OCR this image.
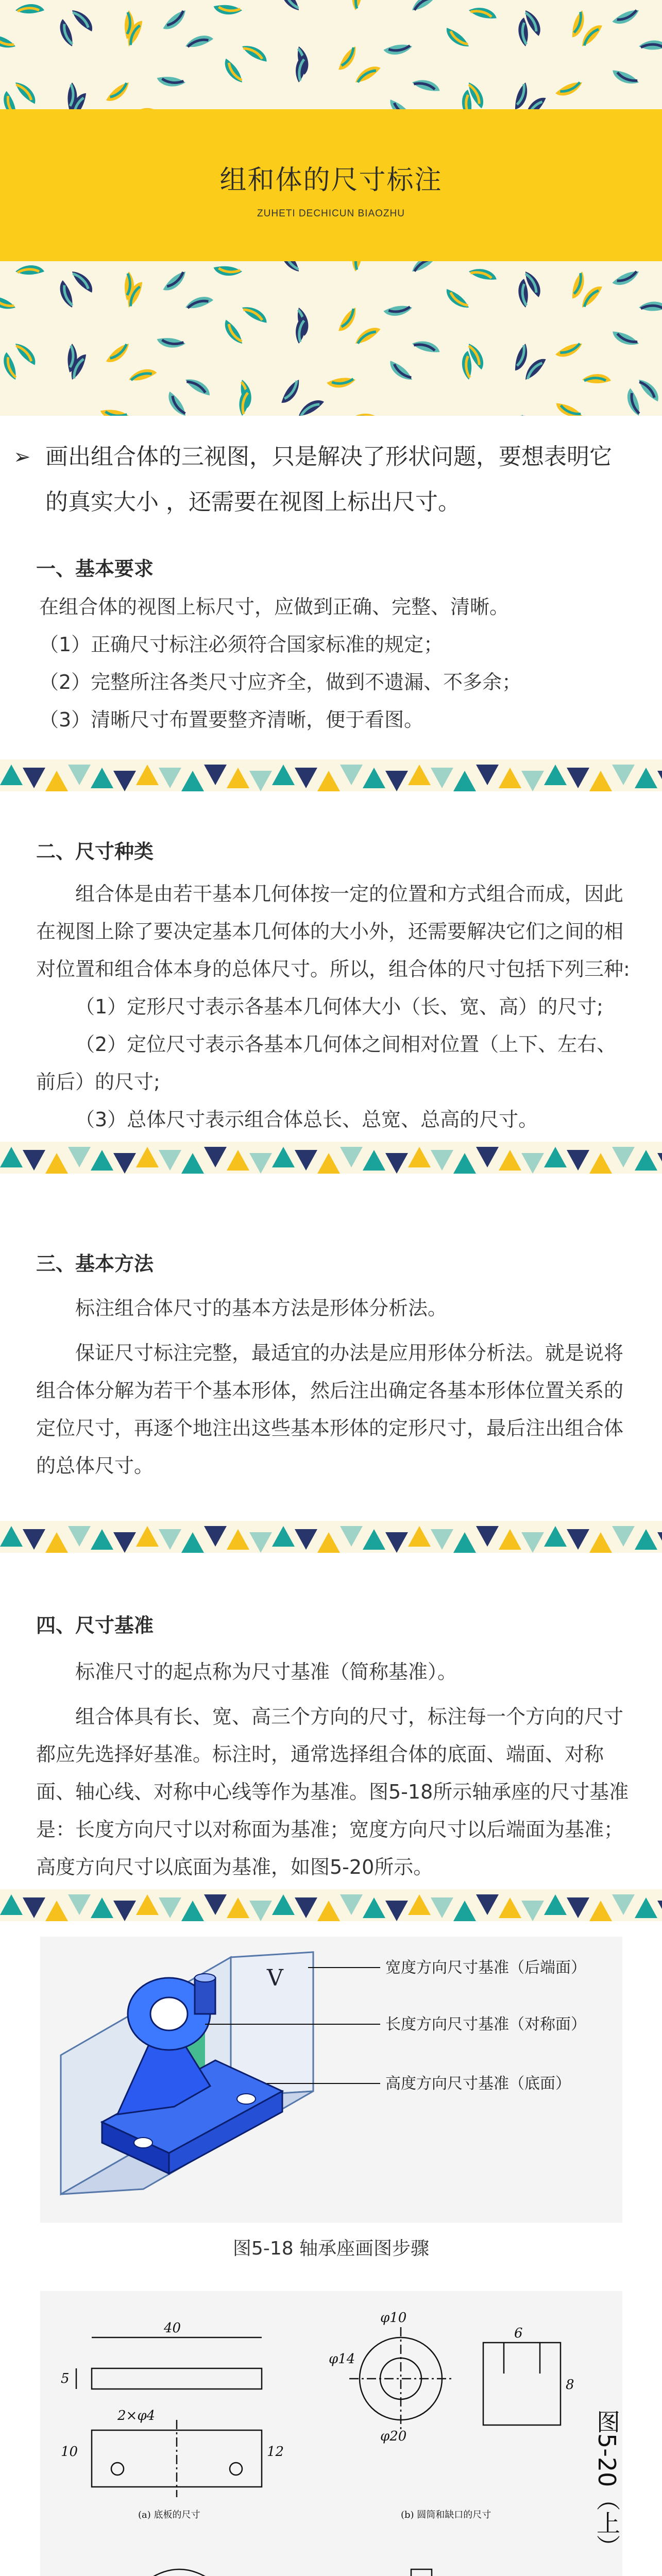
组和体的尺寸标注
ZUHETI DECHICUN BIAOZHU
➢ 画出组合体的三视图，只是解决了形状问题，要想表明它的真实大小 ，还需要在视图上标出尺寸。
一、基本要求

在组合体的视图上标尺寸，应做到正确、完整、清晰。

（1）正确尺寸标注必须符合国家标准的规定；

（2）完整所注各类尺寸应齐全，做到不遗漏、不多余；

（3）清晰尺寸布置要整齐清晰，便于看图。

二、尺寸种类

组合体是由若干基本几何体按一定的位置和方式组合而成，因此在视图上除了要决定基本几何体的大小外，还需要解决它们之间的相对位置和组合体本身的总体尺寸。所以，组合体的尺寸包括下列三种:

（1）定形尺寸表示各基本几何体大小（长、宽、高）的尺寸;

（2）定位尺寸表示各基本几何体之间相对位置（上下、左右、前后）的尺寸;

（3）总体尺寸表示组合体总长、总宽、总高的尺寸。

三、基本方法

标注组合体尺寸的基本方法是形体分析法。

保证尺寸标注完整，最适宜的办法是应用形体分析法。就是说将组合体分解为若干个基本形体，然后注出确定各基本形体位置关系的定位尺寸，再逐个地注出这些基本形体的定形尺寸，最后注出组合体的总体尺寸。

四、尺寸基准

标准尺寸的起点称为尺寸基准（简称基准）。

组合体具有长、宽、高三个方向的尺寸，标注每一个方向的尺寸都应先选择好基准。标注时，通常选择组合体的底面、端面、对称面、轴心线、对称中心线等作为基准。图5-18所示轴承座的尺寸基准是：长度方向尺寸以对称面为基准；宽度方向尺寸以后端面为基准；高度方向尺寸以底面为基准，如图5-20所示。

V	宽度方向尺寸基准（后端面）
长度方向尺寸基准（对称面）
高度方向尺寸基准（底面）
图5-18 轴承座画图步骤
40
5
2×φ4
10	12
φ10
φ14
φ20
6
8
(a) 底板的尺寸	(b) 圆筒和缺口的尺寸	图5-20（上）
